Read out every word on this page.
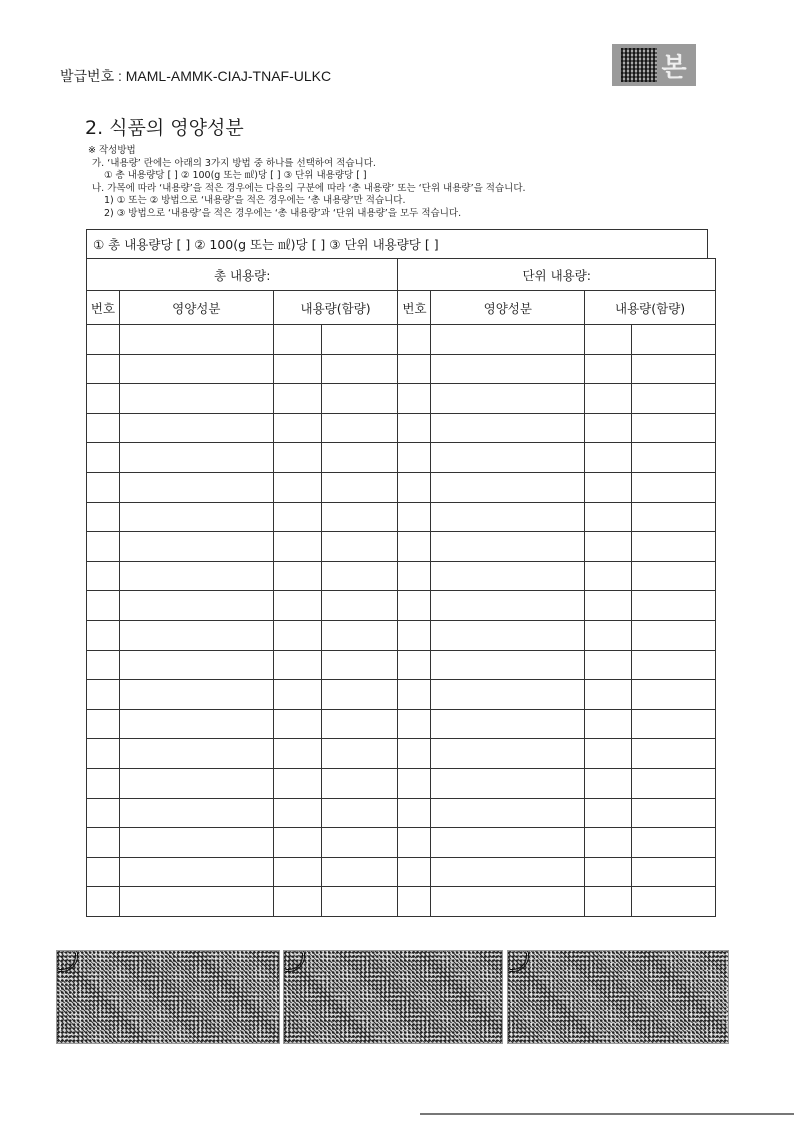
발급번호 : MAML-AMMK-CIAJ-TNAF-ULKC	본
2. 식품의 영양성분
※ 작성방법
가. ‘내용량’ 란에는 아래의 3가지 방법 중 하나를 선택하여 적습니다.
① 총 내용량당 [ ] ② 100(g 또는 ㎖)당 [ ] ③ 단위 내용량당 [ ]
나. 가목에 따라 ‘내용량’을 적은 경우에는 다음의 구분에 따라 ‘총 내용량’ 또는 ‘단위 내용량’을 적습니다.
1) ① 또는 ② 방법으로 ‘내용량’을 적은 경우에는 ‘총 내용량’만 적습니다.
2) ③ 방법으로 ‘내용량’을 적은 경우에는 ‘총 내용량’과 ‘단위 내용량’을 모두 적습니다.
① 총 내용량당 [ ] ② 100(g 또는 ㎖)당 [ ] ③ 단위 내용량당 [ ]
총 내용량:				단위 내용량:			
번호	영양성분	내용량(함량)		번호	영양성분	내용량(함량)	
